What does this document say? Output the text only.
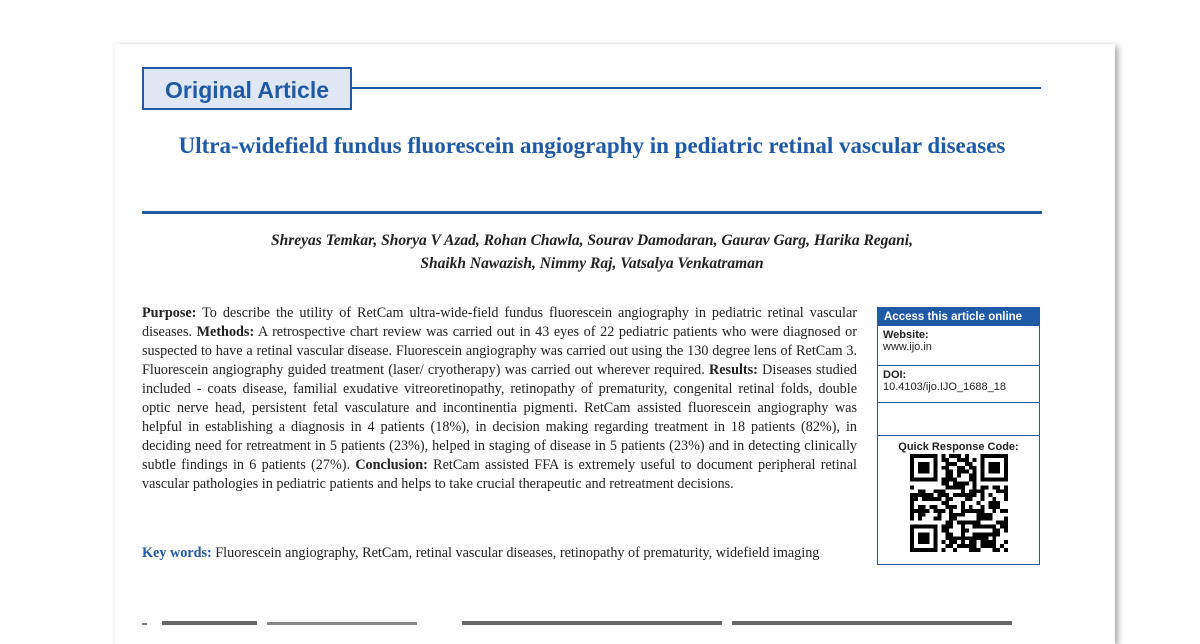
Original Article
Ultra-widefield fundus fluorescein angiography in pediatric retinal vascular diseases
Shreyas Temkar, Shorya V Azad, Rohan Chawla, Sourav Damodaran, Gaurav Garg, Harika Regani,
Shaikh Nawazish, Nimmy Raj, Vatsalya Venkatraman
Purpose: To describe the utility of RetCam ultra-wide-field fundus fluorescein angiography in pediatric retinal vascular diseases. Methods: A retrospective chart review was carried out in 43 eyes of 22 pediatric patients who were diagnosed or suspected to have a retinal vascular disease. Fluorescein angiography was carried out using the 130 degree lens of RetCam 3. Fluorescein angiography guided treatment (laser/ cryotherapy) was carried out wherever required. Results: Diseases studied included - coats disease, familial exudative vitreoretinopathy, retinopathy of prematurity, congenital retinal folds, double optic nerve head, persistent fetal vasculature and incontinentia pigmenti. RetCam assisted fluorescein angiography was helpful in establishing a diagnosis in 4 patients (18%), in decision making regarding treatment in 18 patients (82%), in deciding need for retreatment in 5 patients (23%), helped in staging of disease in 5 patients (23%) and in detecting clinically subtle findings in 6 patients (27%). Conclusion: RetCam assisted FFA is extremely useful to document peripheral retinal vascular pathologies in pediatric patients and helps to take crucial therapeutic and retreatment decisions.
Key words: Fluorescein angiography, RetCam, retinal vascular diseases, retinopathy of prematurity, widefield imaging
Access this article online
Website:
www.ijo.in
DOI:
10.4103/ijo.IJO_1688_18
Quick Response Code:
